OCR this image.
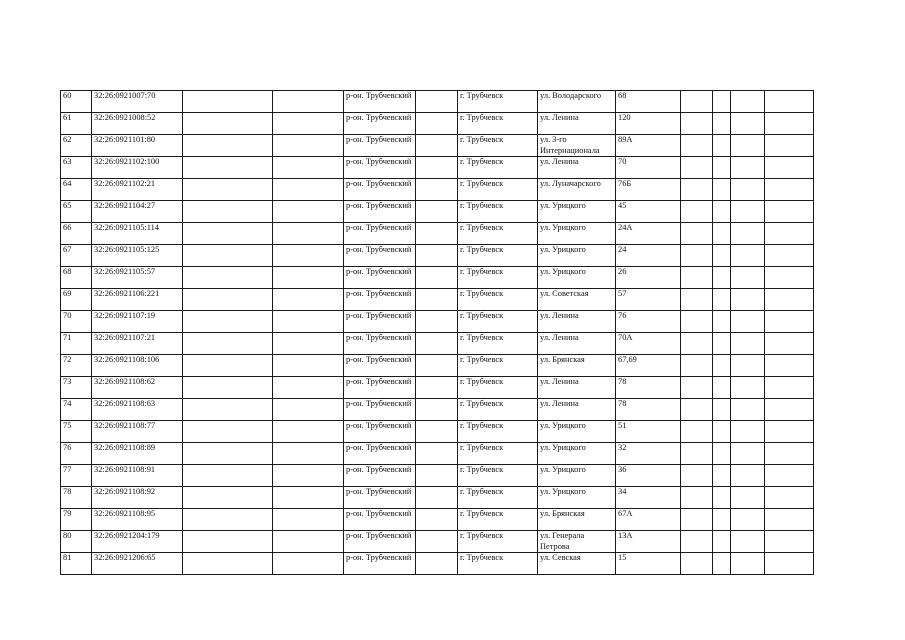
60	32:26:0921007:70			р-он. Трубчевский		г. Трубчевск	ул. Володарского	68				
61	32:26:0921008:52			р-он. Трубчевский		г. Трубчевск	ул. Ленина	120				
62	32:26:0921101:80			р-он. Трубчевский		г. Трубчевск	ул. 3-го Интернационала	89А				
63	32:26:0921102:100			р-он. Трубчевский		г. Трубчевск	ул. Ленина	70				
64	32:26:0921102:21			р-он. Трубчевский		г. Трубчевск	ул. Луначарского	76Б				
65	32:26:0921104:27			р-он. Трубчевский		г. Трубчевск	ул. Урицкого	45				
66	32:26:0921105:114			р-он. Трубчевский		г. Трубчевск	ул. Урицкого	24А				
67	32:26:0921105:125			р-он. Трубчевский		г. Трубчевск	ул. Урицкого	24				
68	32:26:0921105:57			р-он. Трубчевский		г. Трубчевск	ул. Урицкого	26				
69	32:26:0921106:221			р-он. Трубчевский		г. Трубчевск	ул. Советская	57				
70	32:26:0921107:19			р-он. Трубчевский		г. Трубчевск	ул. Ленина	76				
71	32:26:0921107:21			р-он. Трубчевский		г. Трубчевск	ул. Ленина	70А				
72	32:26:0921108:106			р-он. Трубчевский		г. Трубчевск	ул. Брянская	67,69				
73	32:26:0921108:62			р-он. Трубчевский		г. Трубчевск	ул. Ленина	78				
74	32:26:0921108:63			р-он. Трубчевский		г. Трубчевск	ул. Ленина	78				
75	32:26:0921108:77			р-он. Трубчевский		г. Трубчевск	ул. Урицкого	51				
76	32:26:0921108:89			р-он. Трубчевский		г. Трубчевск	ул. Урицкого	32				
77	32:26:0921108:91			р-он. Трубчевский		г. Трубчевск	ул. Урицкого	36				
78	32:26:0921108:92			р-он. Трубчевский		г. Трубчевск	ул. Урицкого	34				
79	32:26:0921108:95			р-он. Трубчевский		г. Трубчевск	ул. Брянская	67А				
80	32:26:0921204:179			р-он. Трубчевский		г. Трубчевск	ул. Генерала Петрова	13А				
81	32:26:0921206:65			р-он. Трубчевский		г. Трубчевск	ул. Севская	15				
